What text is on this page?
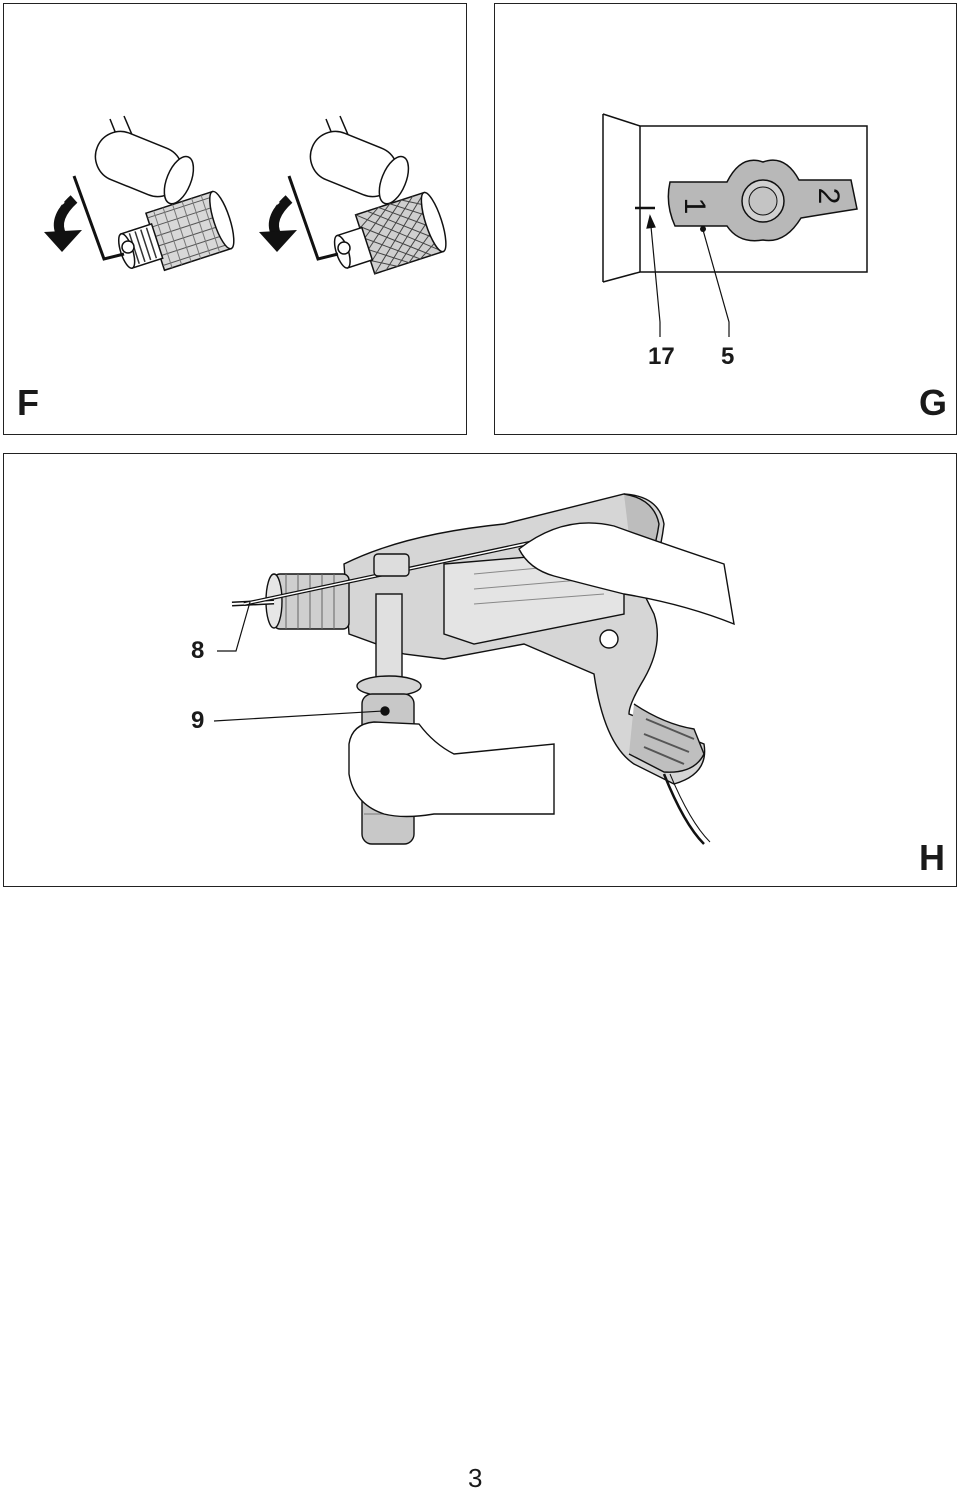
F
1
2
17 5
G
8
9
H
3
